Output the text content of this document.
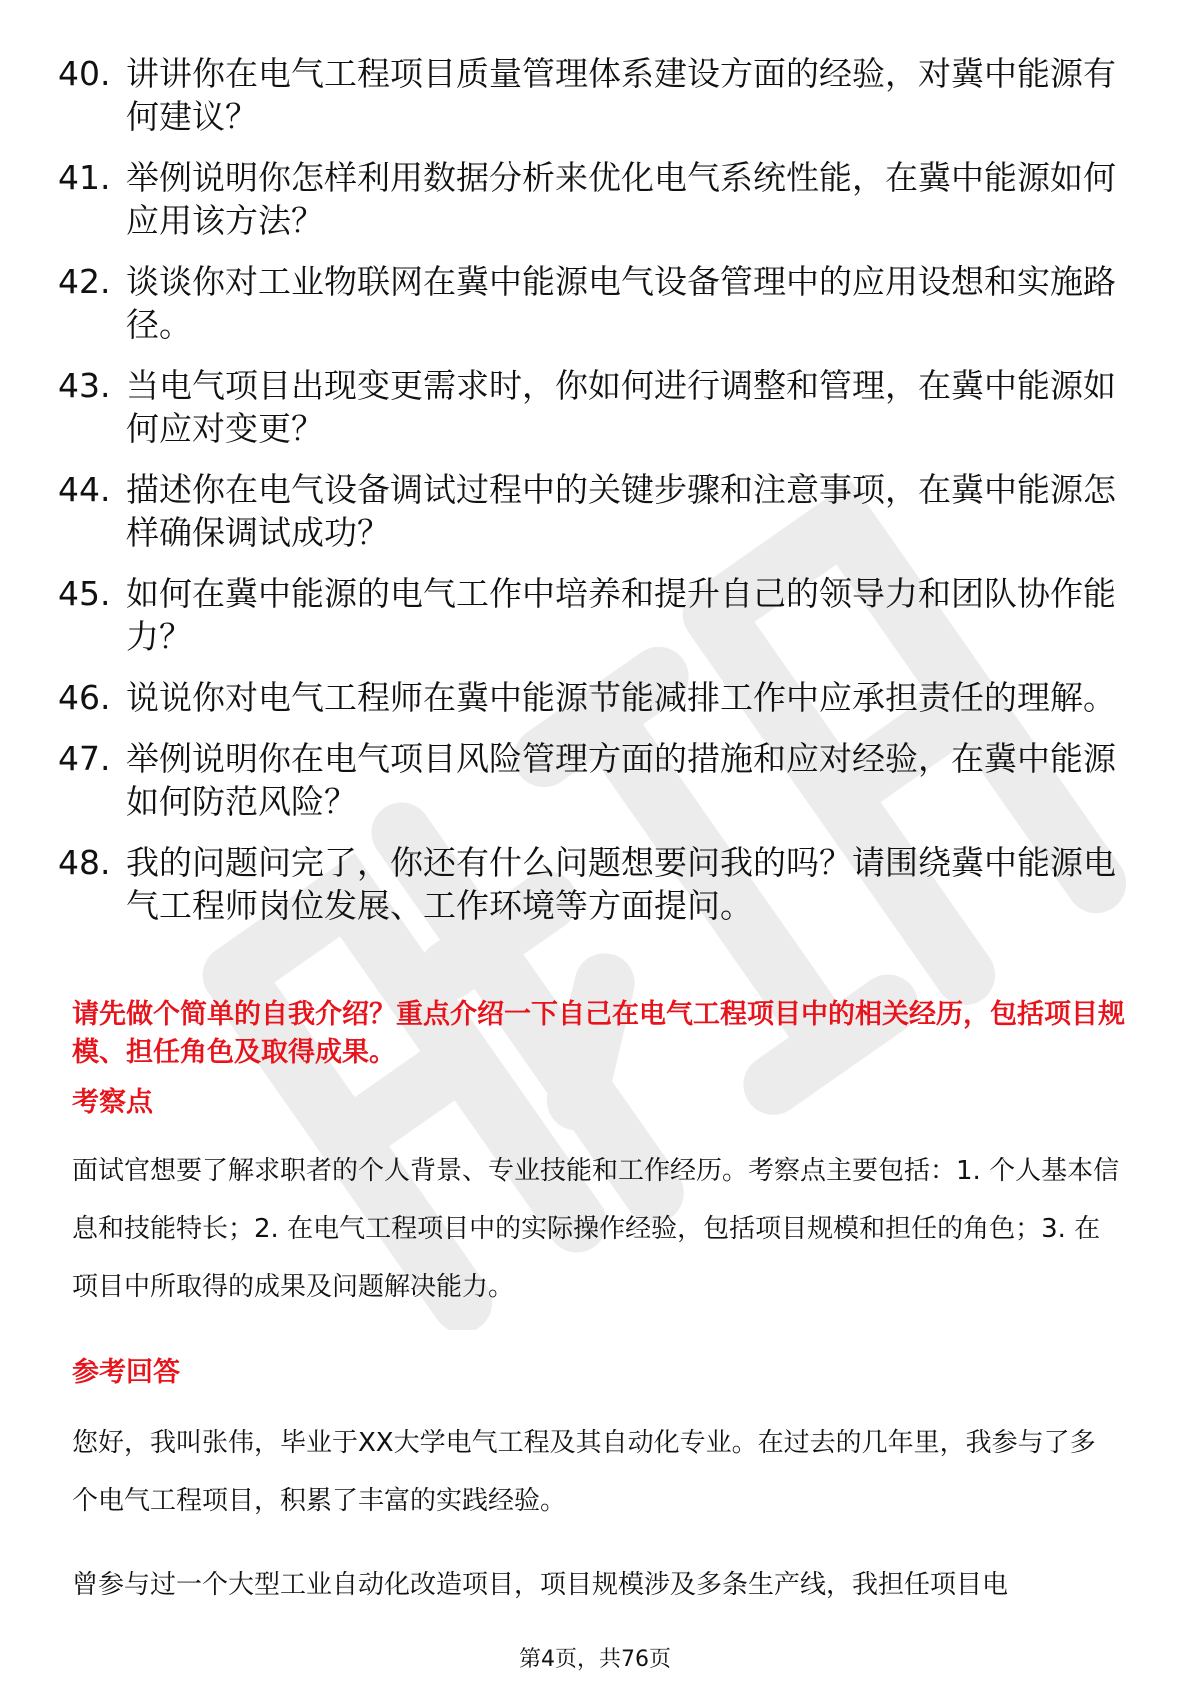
40. 讲讲你在电气工程项目质量管理体系建设方面的经验，对冀中能源有何建议？
41. 举例说明你怎样利用数据分析来优化电气系统性能，在冀中能源如何应用该方法？
42. 谈谈你对工业物联网在冀中能源电气设备管理中的应用设想和实施路径。
43. 当电气项目出现变更需求时，你如何进行调整和管理，在冀中能源如何应对变更？
44. 描述你在电气设备调试过程中的关键步骤和注意事项，在冀中能源怎样确保调试成功？
45. 如何在冀中能源的电气工作中培养和提升自己的领导力和团队协作能力？
46. 说说你对电气工程师在冀中能源节能减排工作中应承担责任的理解。
47. 举例说明你在电气项目风险管理方面的措施和应对经验，在冀中能源如何防范风险？
48. 我的问题问完了，你还有什么问题想要问我的吗？请围绕冀中能源电气工程师岗位发展、工作环境等方面提问。
请先做个简单的自我介绍？重点介绍一下自己在电气工程项目中的相关经历，包括项目规模、担任角色及取得成果。
考察点
面试官想要了解求职者的个人背景、专业技能和工作经历。考察点主要包括：1. 个人基本信息和技能特长；2. 在电气工程项目中的实际操作经验，包括项目规模和担任的角色；3. 在项目中所取得的成果及问题解决能力。
参考回答
您好，我叫张伟，毕业于XX大学电气工程及其自动化专业。在过去的几年里，我参与了多个电气工程项目，积累了丰富的实践经验。
曾参与过一个大型工业自动化改造项目，项目规模涉及多条生产线，我担任项目电
第4页，共76页
